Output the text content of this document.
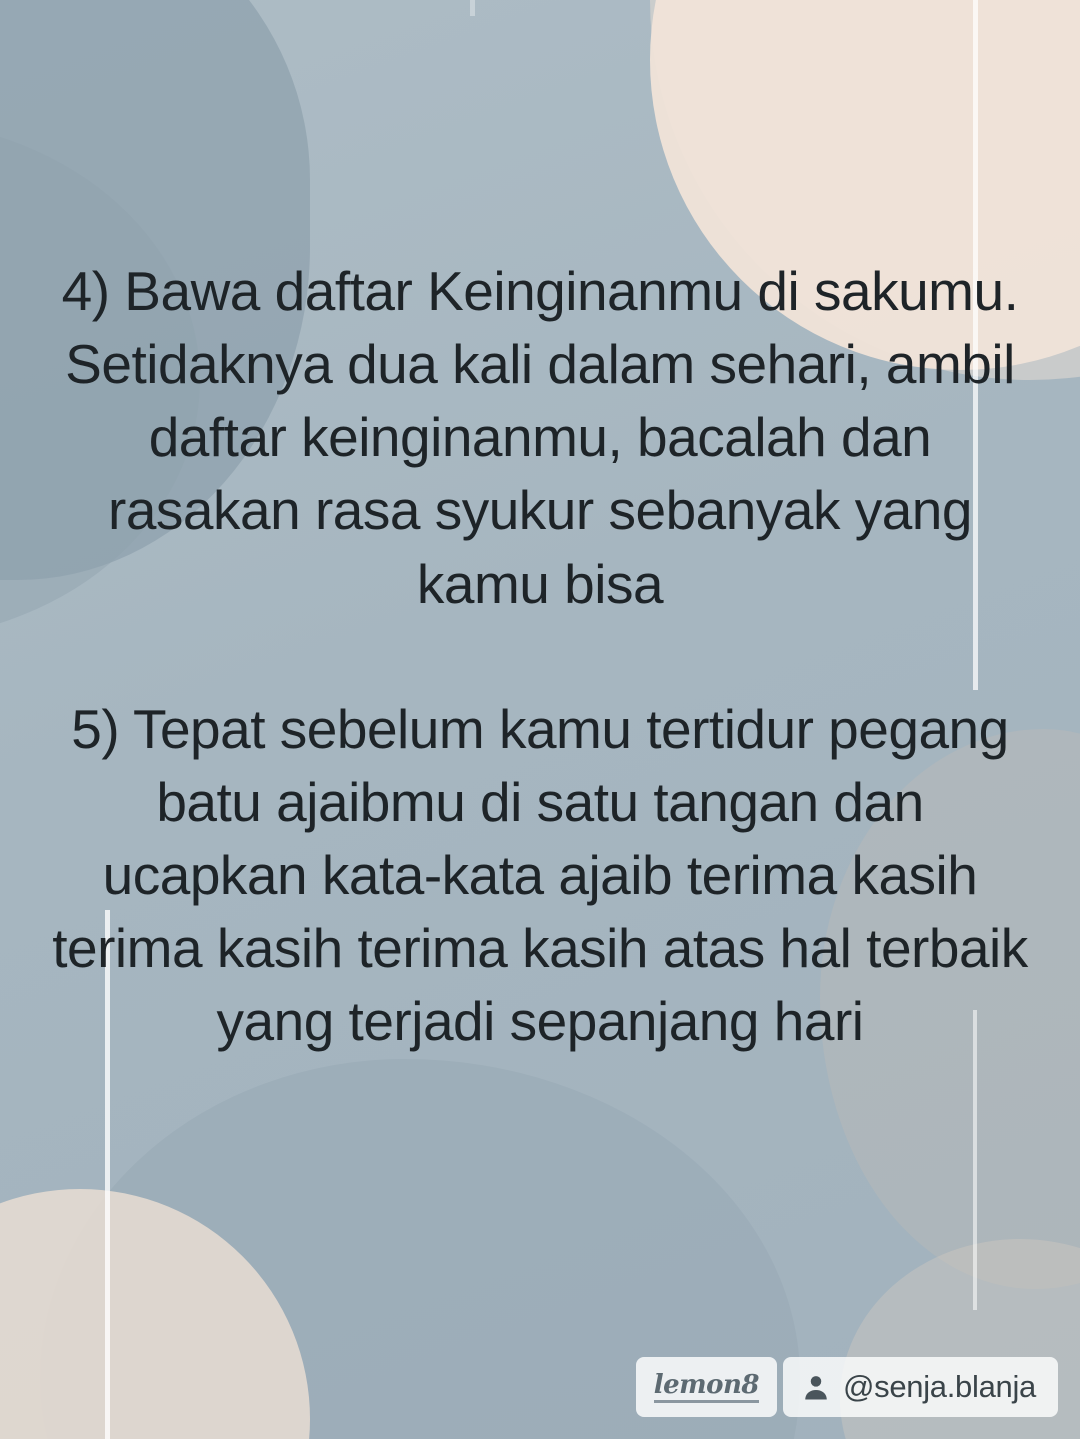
4) Bawa daftar Keinginanmu di sakumu. Setidaknya dua kali dalam sehari, ambil daftar keinginanmu, bacalah dan rasakan rasa syukur sebanyak yang kamu bisa

5) Tepat sebelum kamu tertidur pegang batu ajaibmu di satu tangan dan ucapkan kata-kata ajaib terima kasih terima kasih terima kasih atas hal terbaik yang terjadi sepanjang hari

lemon8	@senja.blanja
